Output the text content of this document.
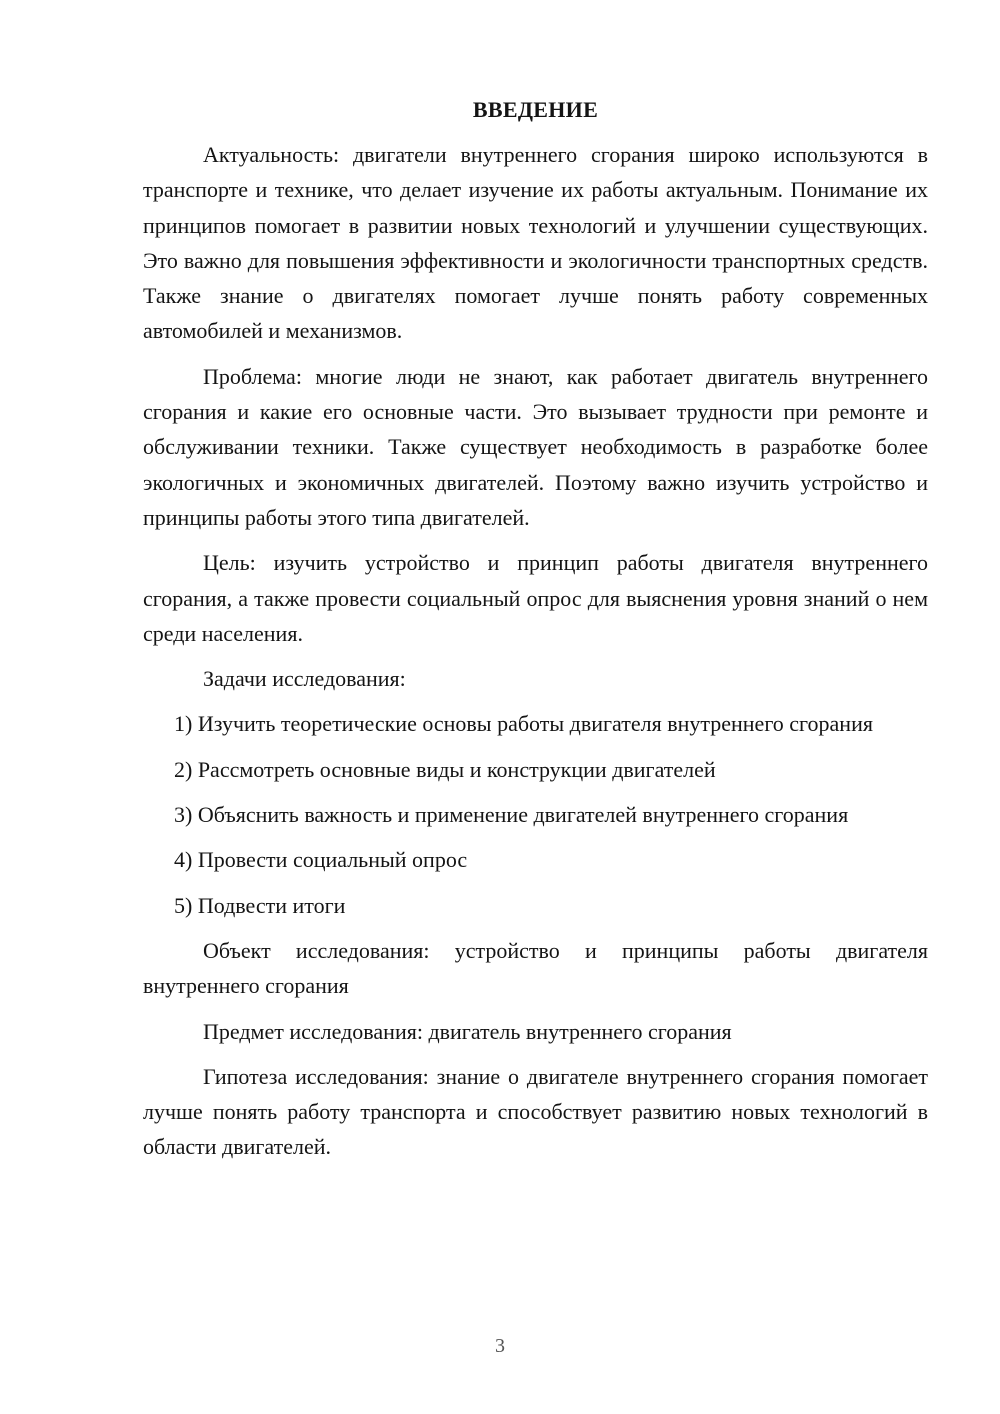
ВВЕДЕНИЕ

Актуальность: двигатели внутреннего сгорания широко используются в транспорте и технике, что делает изучение их работы актуальным. Понимание их принципов помогает в развитии новых технологий и улучшении существующих. Это важно для повышения эффективности и экологичности транспортных средств. Также знание о двигателях помогает лучше понять работу современных автомобилей и механизмов.

Проблема: многие люди не знают, как работает двигатель внутреннего сгорания и какие его основные части. Это вызывает трудности при ремонте и обслуживании техники. Также существует необходимость в разработке более экологичных и экономичных двигателей. Поэтому важно изучить устройство и принципы работы этого типа двигателей.

Цель: изучить устройство и принцип работы двигателя внутреннего сгорания, а также провести социальный опрос для выяснения уровня знаний о нем среди населения.

Задачи исследования:

1) Изучить теоретические основы работы двигателя внутреннего сгорания

2) Рассмотреть основные виды и конструкции двигателей

3) Объяснить важность и применение двигателей внутреннего сгорания

4) Провести социальный опрос

5) Подвести итоги

Объект исследования: устройство и принципы работы двигателя внутреннего сгорания

Предмет исследования: двигатель внутреннего сгорания

Гипотеза исследования: знание о двигателе внутреннего сгорания помогает лучше понять работу транспорта и способствует развитию новых технологий в области двигателей.

3
